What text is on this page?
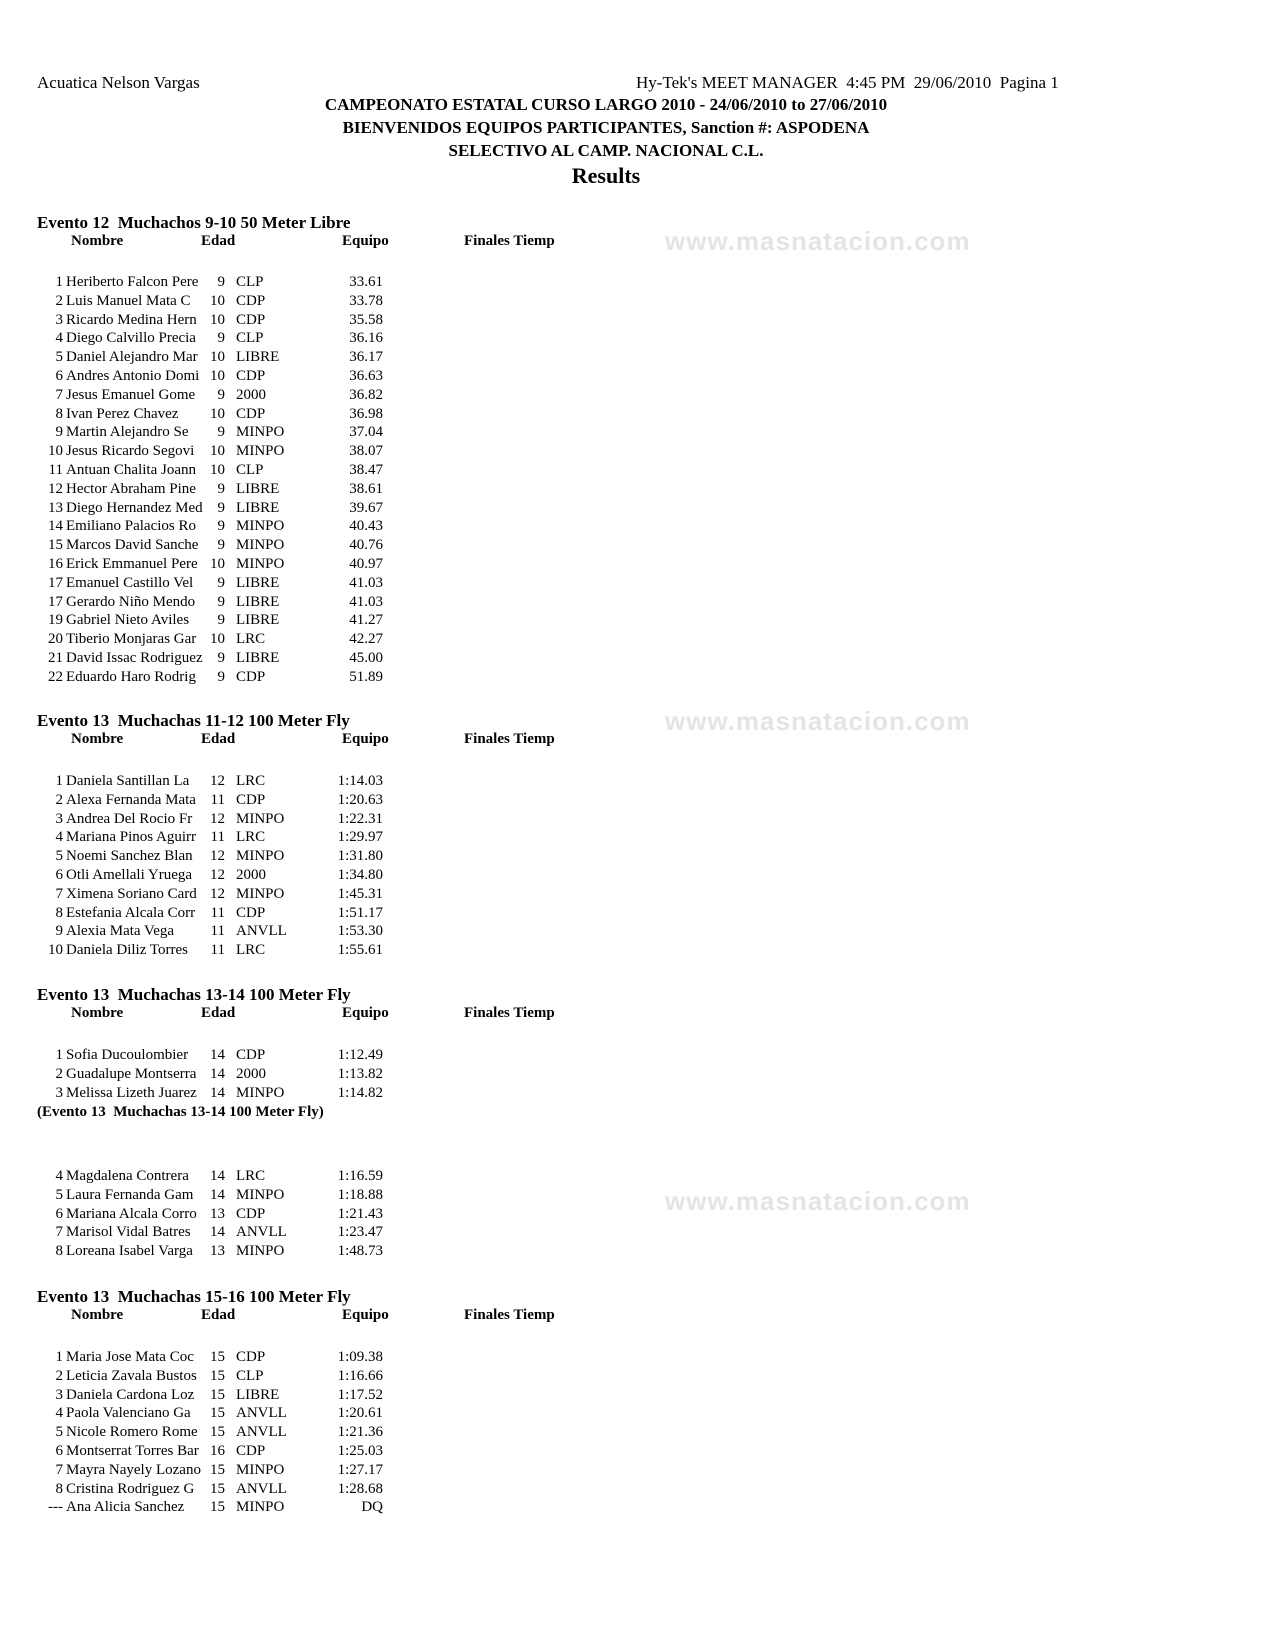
www.masnatacion.com
www.masnatacion.com
www.masnatacion.com
Acuatica Nelson Vargas	Hy-Tek's MEET MANAGER  4:45 PM  29/06/2010  Pagina 1
CAMPEONATO ESTATAL CURSO LARGO 2010 - 24/06/2010 to 27/06/2010
BIENVENIDOS EQUIPOS PARTICIPANTES, Sanction #: ASPODENA
SELECTIVO AL CAMP. NACIONAL C.L.
Results
Evento 12  Muchachos 9-10 50 Meter Libre
Nombre	Edad	Equipo	Finales Tiemp
1 Heriberto Falcon Pere	9 CLP	33.61
2 Luis Manuel Mata C	10 CDP	33.78
3 Ricardo Medina Hern 10 CDP	35.58
4 Diego Calvillo Precia	9 CLP	36.16
5 Daniel Alejandro Mar 10 LIBRE	36.17
6 Andres Antonio Domi 10 CDP	36.63
7 Jesus Emanuel Gome	9 2000	36.82
8 Ivan Perez Chavez	10 CDP	36.98
9 Martin Alejandro Se	9 MINPO	37.04
10 Jesus Ricardo Segovi	10 MINPO	38.07
11 Antuan Chalita Joann 10 CLP	38.47
12 Hector Abraham Pine	9 LIBRE	38.61
13 Diego Hernandez Med 9 LIBRE	39.67
14 Emiliano Palacios Ro	9 MINPO	40.43
15 Marcos David Sanche	9 MINPO	40.76
16 Erick Emmanuel Pere 10 MINPO	40.97
17 Emanuel Castillo Vel	9 LIBRE	41.03
17 Gerardo Niño Mendo	9 LIBRE	41.03
19 Gabriel Nieto Aviles	9 LIBRE	41.27
20 Tiberio Monjaras Gar 10 LRC	42.27
21 David Issac Rodriguez 9 LIBRE	45.00
22 Eduardo Haro Rodrig	9 CDP	51.89
Evento 13  Muchachas 11-12 100 Meter Fly
Nombre	Edad	Equipo	Finales Tiemp
1 Daniela Santillan La	12 LRC	1:14.03
2 Alexa Fernanda Mata 11 CDP	1:20.63
3 Andrea Del Rocio Fr	12 MINPO	1:22.31
4 Mariana Pinos Aguirr 11 LRC	1:29.97
5 Noemi Sanchez Blan	12 MINPO	1:31.80
6 Otli Amellali Yruega	12 2000	1:34.80
7 Ximena Soriano Card 12 MINPO	1:45.31
8 Estefania Alcala Corr	11 CDP	1:51.17
9 Alexia Mata Vega	11 ANVLL	1:53.30
10 Daniela Diliz Torres	11 LRC	1:55.61
Evento 13  Muchachas 13-14 100 Meter Fly
Nombre	Edad	Equipo	Finales Tiemp
1 Sofia Ducoulombier	14 CDP	1:12.49
2 Guadalupe Montserra 14 2000	1:13.82
3 Melissa Lizeth Juarez 14 MINPO	1:14.82
(Evento 13  Muchachas 13-14 100 Meter Fly)
4 Magdalena Contrera	14 LRC	1:16.59
5 Laura Fernanda Gam	14 MINPO	1:18.88
6 Mariana Alcala Corro 13 CDP	1:21.43
7 Marisol Vidal Batres	14 ANVLL	1:23.47
8 Loreana Isabel Varga	13 MINPO	1:48.73
Evento 13  Muchachas 15-16 100 Meter Fly
Nombre	Edad	Equipo	Finales Tiemp
1 Maria Jose Mata Coc	15 CDP	1:09.38
2 Leticia Zavala Bustos 15 CLP	1:16.66
3 Daniela Cardona Loz	15 LIBRE	1:17.52
4 Paola Valenciano Ga	15 ANVLL	1:20.61
5 Nicole Romero Rome 15 ANVLL	1:21.36
6 Montserrat Torres Bar 16 CDP	1:25.03
7 Mayra Nayely Lozano 15 MINPO	1:27.17
8 Cristina Rodriguez G	15 ANVLL	1:28.68
--- Ana Alicia Sanchez	15 MINPO	DQ
